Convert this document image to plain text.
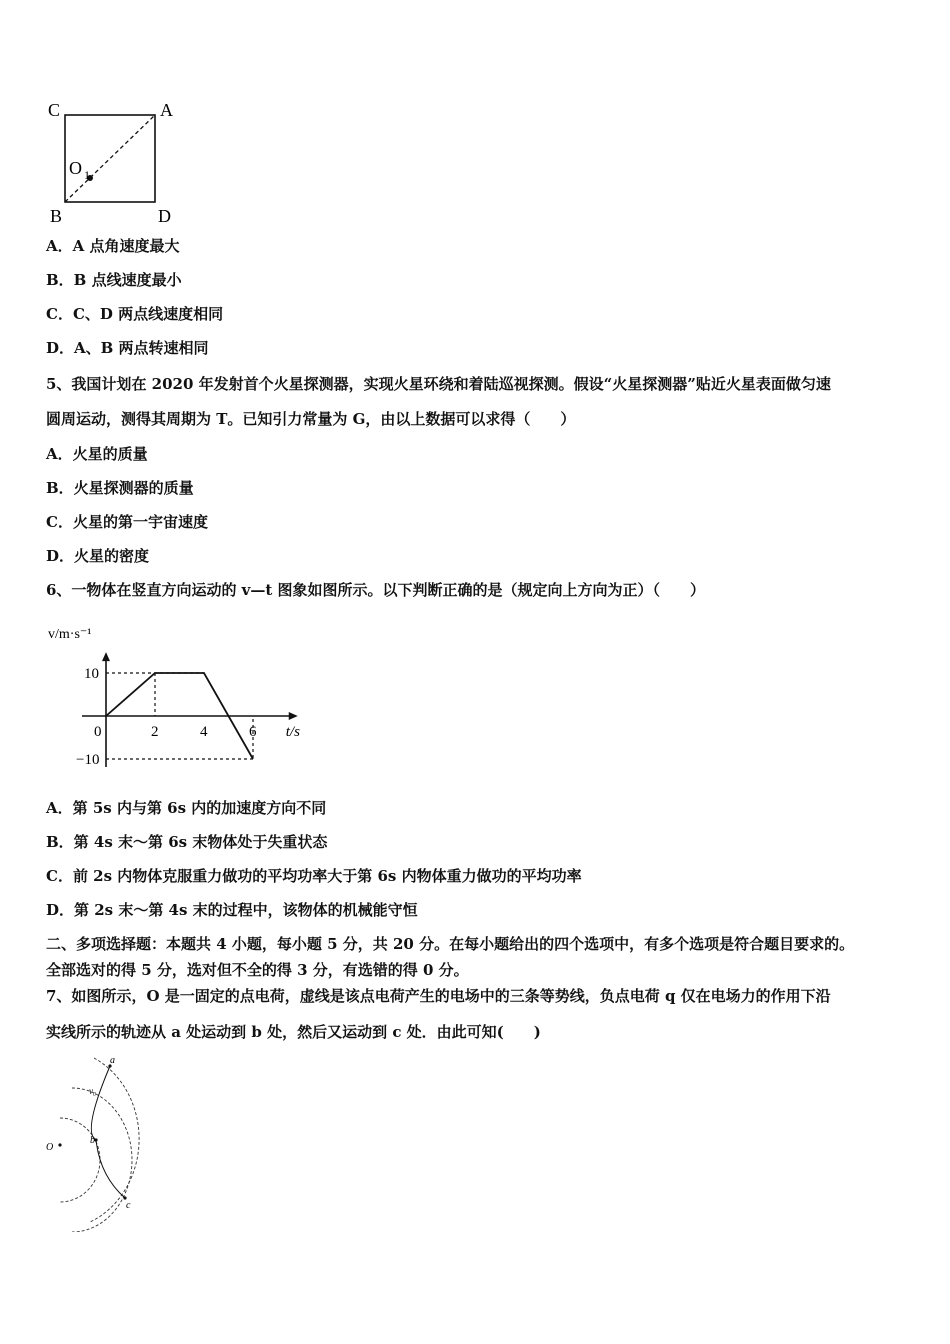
C	A
B	D
O 1
A．A 点角速度最大
B．B 点线速度最小
C．C、D 两点线速度相同
D．A、B 两点转速相同
5、我国计划在 2020 年发射首个火星探测器，实现火星环绕和着陆巡视探测。假设“火星探测器”贴近火星表面做匀速
圆周运动，测得其周期为 T。已知引力常量为 G，由以上数据可以求得（　　）
A．火星的质量
B．火星探测器的质量
C．火星的第一宇宙速度
D．火星的密度
6、一物体在竖直方向运动的 v—t 图象如图所示。以下判断正确的是（规定向上方向为正）（　　）
0	2	4	6
10
−10
t/s
v/m·s⁻¹
A．第 5s 内与第 6s 内的加速度方向不同
B．第 4s 末～第 6s 末物体处于失重状态
C．前 2s 内物体克服重力做功的平均功率大于第 6s 内物体重力做功的平均功率
D．第 2s 末～第 4s 末的过程中，该物体的机械能守恒
二、多项选择题：本题共 4 小题，每小题 5 分，共 20 分。在每小题给出的四个选项中，有多个选项是符合题目要求的。
全部选对的得 5 分，选对但不全的得 3 分，有选错的得 0 分。
7、如图所示，O 是一固定的点电荷，虚线是该点电荷产生的电场中的三条等势线，负点电荷 q 仅在电场力的作用下沿
实线所示的轨迹从 a 处运动到 b 处，然后又运动到 c 处．由此可知(　　)
O
a
b
c
v₀
